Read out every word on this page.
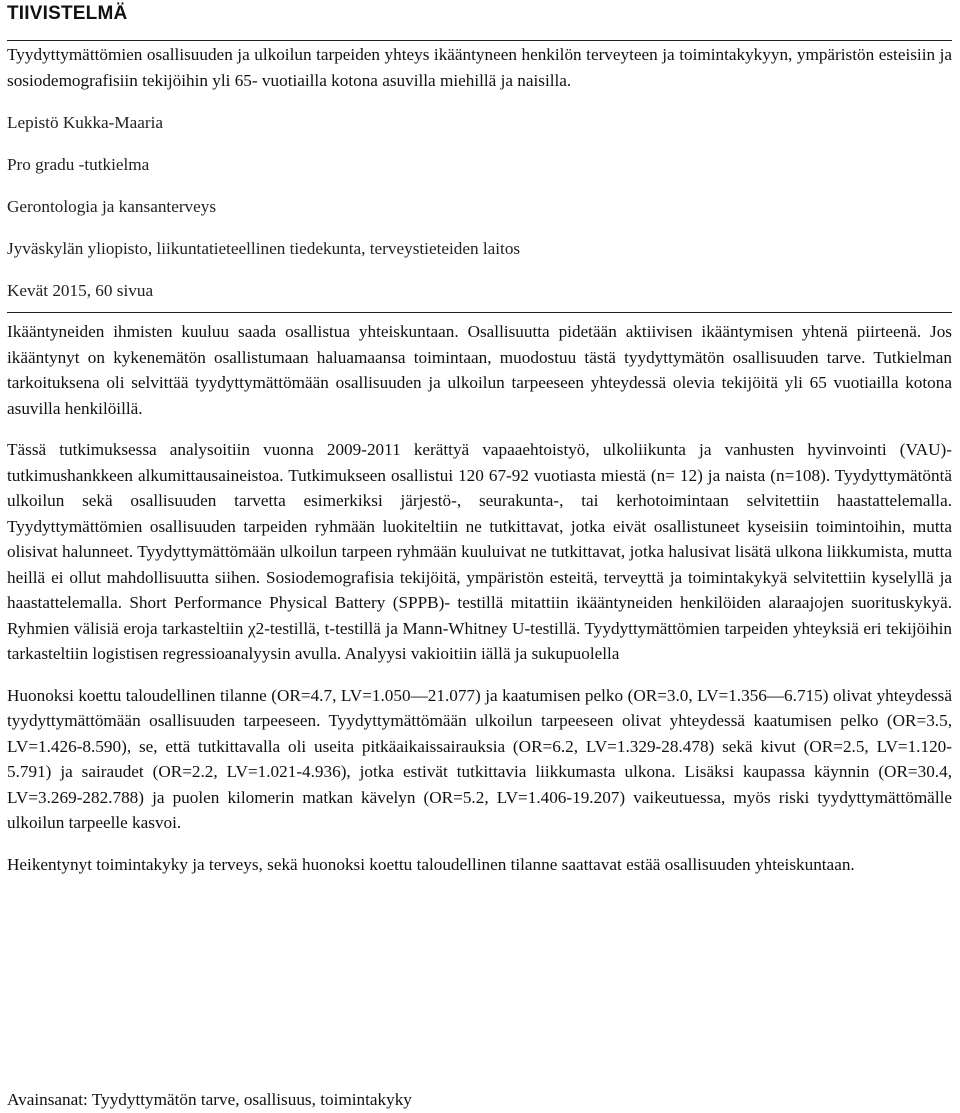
TIIVISTELMÄ

Tyydyttymättömien osallisuuden ja ulkoilun tarpeiden yhteys ikääntyneen henkilön terveyteen ja toimintakykyyn, ympäristön esteisiin ja sosiodemografisiin tekijöihin yli 65- vuotiailla kotona asuvilla miehillä ja naisilla.

Lepistö Kukka-Maaria

Pro gradu -tutkielma

Gerontologia ja kansanterveys

Jyväskylän yliopisto, liikuntatieteellinen tiedekunta, terveystieteiden laitos

Kevät 2015, 60 sivua

Ikääntyneiden ihmisten kuuluu saada osallistua yhteiskuntaan. Osallisuutta pidetään aktiivisen ikääntymisen yhtenä piirteenä. Jos ikääntynyt on kykenemätön osallistumaan haluamaansa toimintaan, muodostuu tästä tyydyttymätön osallisuuden tarve. Tutkielman tarkoituksena oli selvittää tyydyttymättömään osallisuuden ja ulkoilun tarpeeseen yhteydessä olevia tekijöitä yli 65 vuotiailla kotona asuvilla henkilöillä.

Tässä tutkimuksessa analysoitiin vuonna 2009-2011 kerättyä vapaaehtoistyö, ulkoliikunta ja vanhusten hyvinvointi (VAU)- tutkimushankkeen alkumittausaineistoa. Tutkimukseen osallistui 120 67-92 vuotiasta miestä (n= 12) ja naista (n=108). Tyydyttymätöntä ulkoilun sekä osallisuuden tarvetta esimerkiksi järjestö-, seurakunta-, tai kerhotoimintaan selvitettiin haastattelemalla. Tyydyttymättömien osallisuuden tarpeiden ryhmään luokiteltiin ne tutkittavat, jotka eivät osallistuneet kyseisiin toimintoihin, mutta olisivat halunneet. Tyydyttymättömään ulkoilun tarpeen ryhmään kuuluivat ne tutkittavat, jotka halusivat lisätä ulkona liikkumista, mutta heillä ei ollut mahdollisuutta siihen. Sosiodemografisia tekijöitä, ympäristön esteitä, terveyttä ja toimintakykyä selvitettiin kyselyllä ja haastattelemalla. Short Performance Physical Battery (SPPB)- testillä mitattiin ikääntyneiden henkilöiden alaraajojen suorituskykyä. Ryhmien välisiä eroja tarkasteltiin χ2-testillä, t-testillä ja Mann-Whitney U-testillä. Tyydyttymättömien tarpeiden yhteyksiä eri tekijöihin tarkasteltiin logistisen regressioanalyysin avulla. Analyysi vakioitiin iällä ja sukupuolella

Huonoksi koettu taloudellinen tilanne (OR=4.7, LV=1.050—21.077) ja kaatumisen pelko (OR=3.0, LV=1.356—6.715) olivat yhteydessä tyydyttymättömään osallisuuden tarpeeseen. Tyydyttymättömään ulkoilun tarpeeseen olivat yhteydessä kaatumisen pelko (OR=3.5, LV=1.426-8.590), se, että tutkittavalla oli useita pitkäaikaissairauksia (OR=6.2, LV=1.329-28.478) sekä kivut (OR=2.5, LV=1.120-5.791) ja sairaudet (OR=2.2, LV=1.021-4.936), jotka estivät tutkittavia liikkumasta ulkona. Lisäksi kaupassa käynnin (OR=30.4, LV=3.269-282.788) ja puolen kilomerin matkan kävelyn (OR=5.2, LV=1.406-19.207) vaikeutuessa, myös riski tyydyttymättömälle ulkoilun tarpeelle kasvoi.

Heikentynyt toimintakyky ja terveys, sekä huonoksi koettu taloudellinen tilanne saattavat estää osallisuuden yhteiskuntaan.

Avainsanat: Tyydyttymätön tarve, osallisuus, toimintakyky
